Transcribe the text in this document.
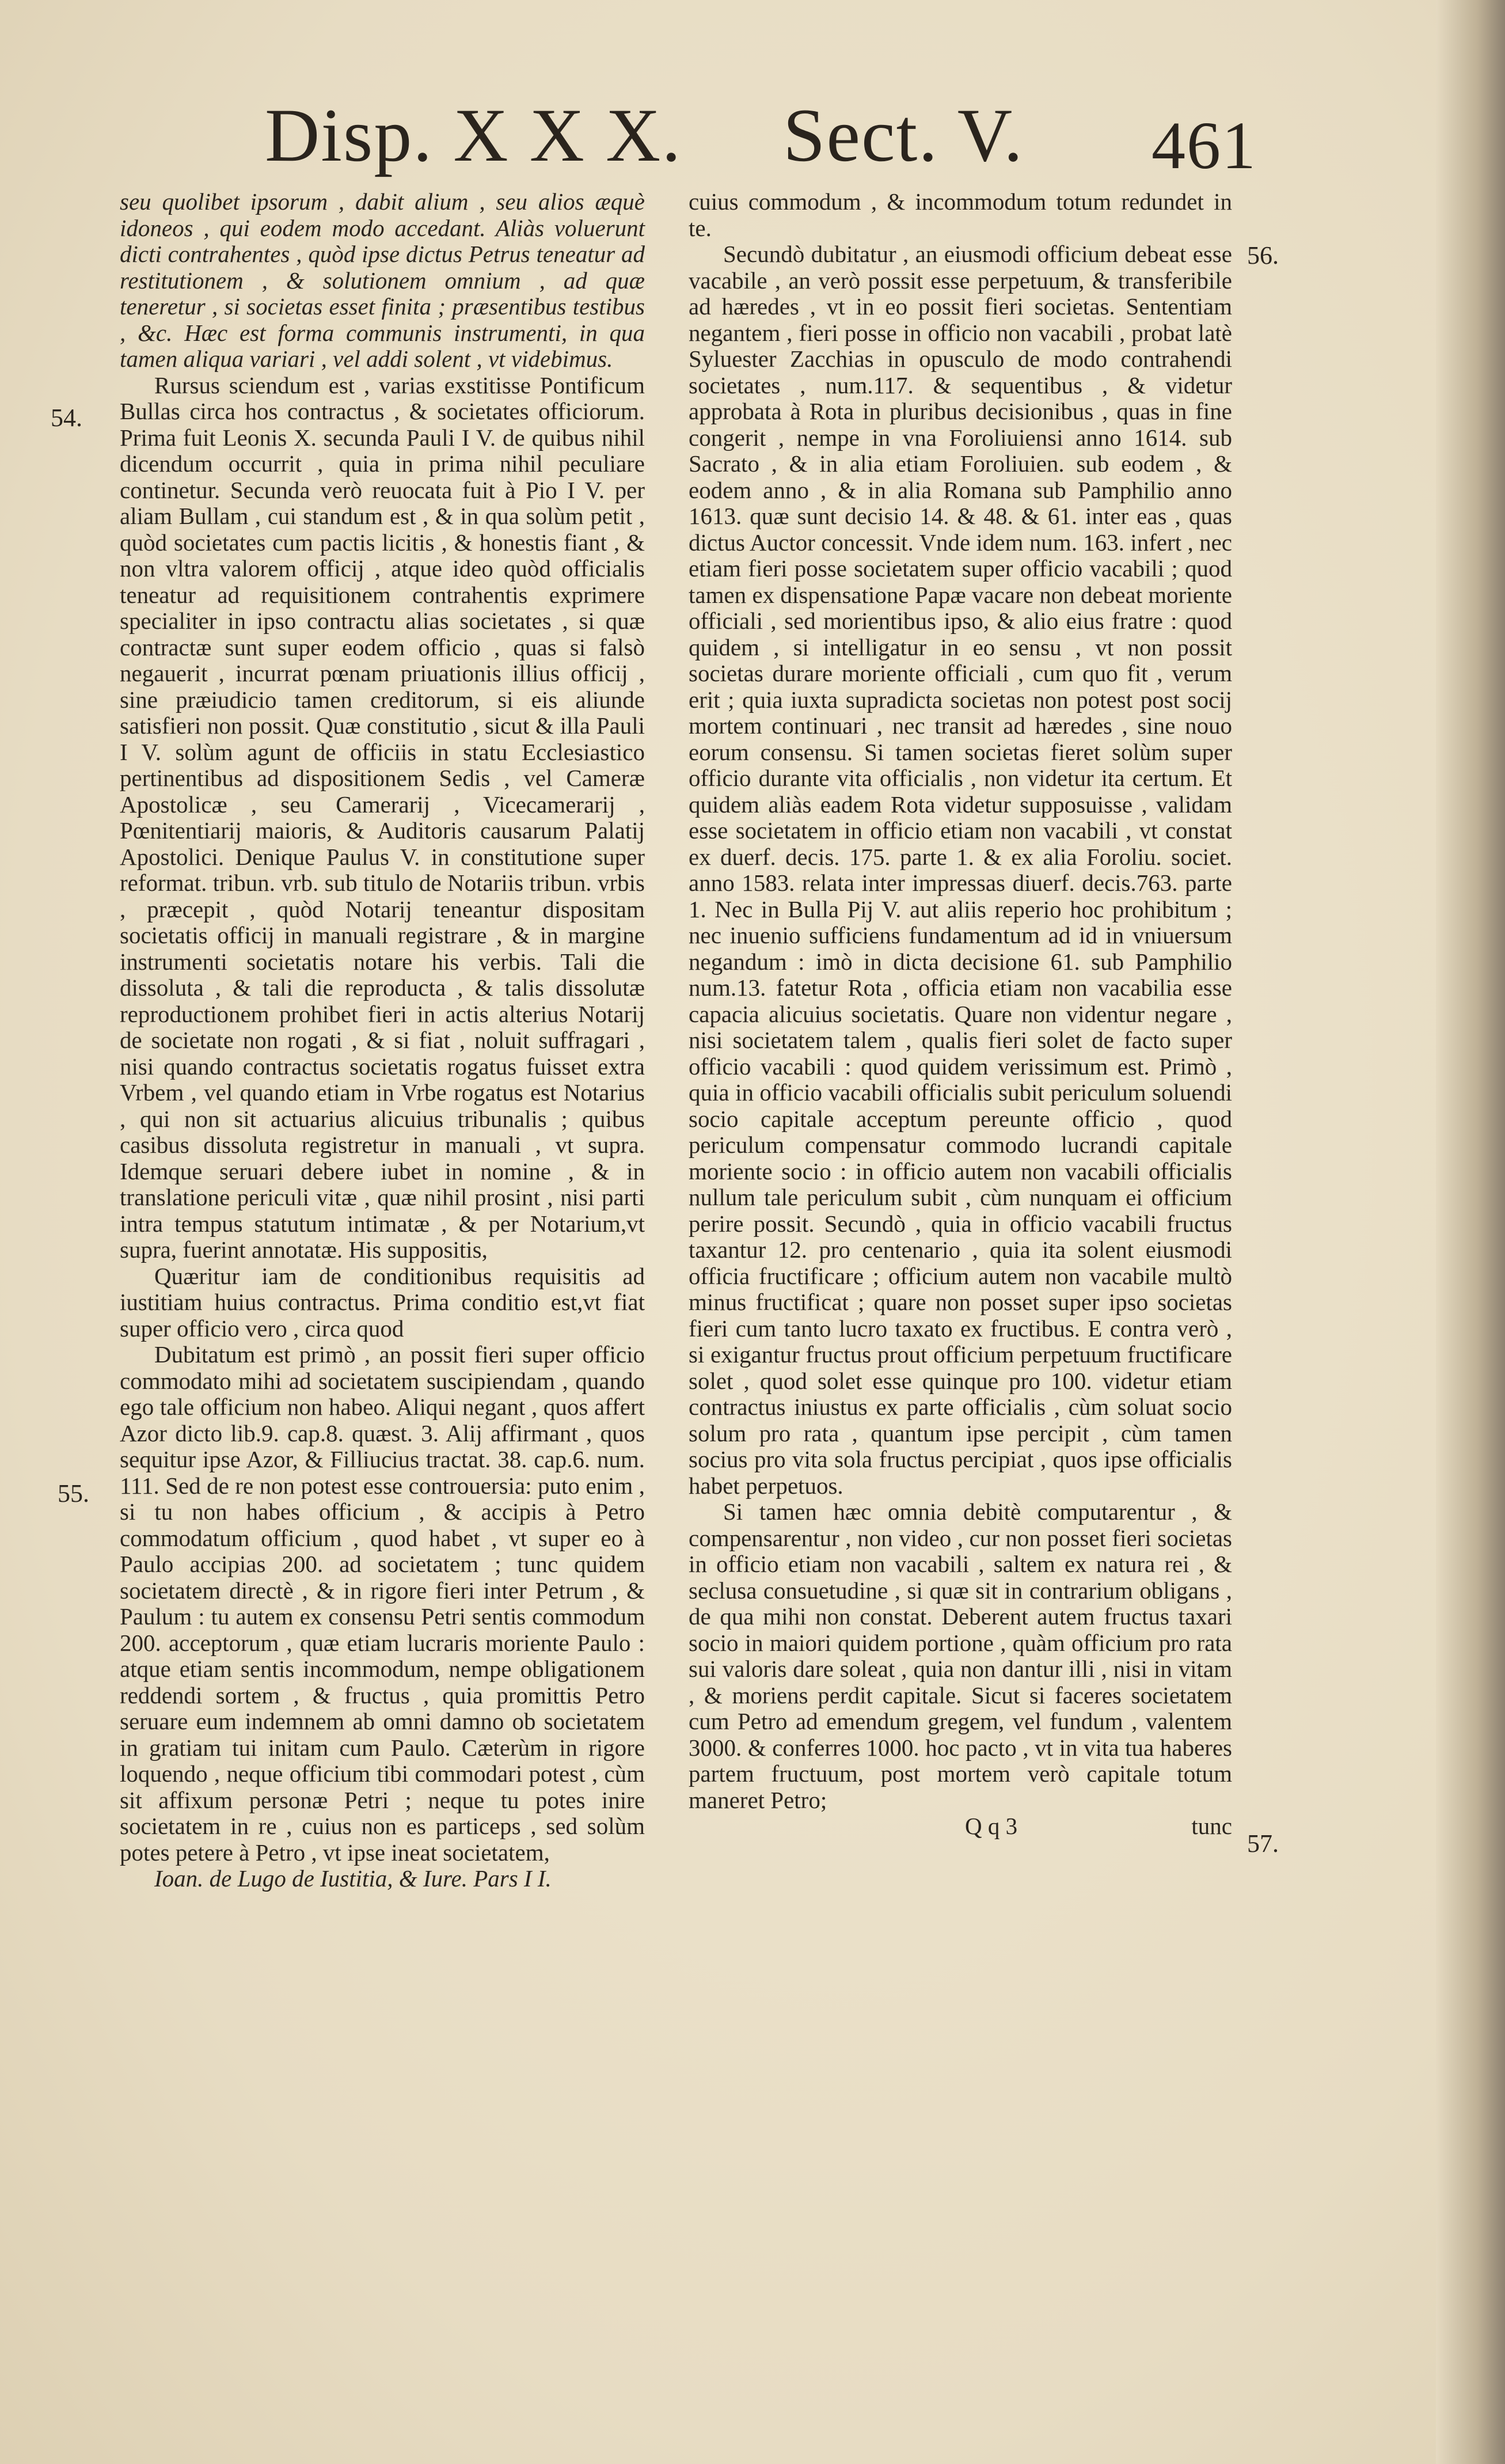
Disp. X X X. Sect. V. 461
54.
55.
56.
57.

seu quolibet ipsorum , dabit alium , seu alios æquè idoneos , qui eodem modo accedant. Aliàs voluerunt dicti contrahentes , quòd ipse dictus Petrus teneatur ad restitutionem , & solutionem omnium , ad quæ teneretur , si societas esset finita ; præsentibus testibus , &c. Hæc est forma communis instrumenti, in qua tamen aliqua variari , vel addi solent , vt videbimus.

Rursus sciendum est , varias exstitisse Pontificum Bullas circa hos contractus , & societates officiorum. Prima fuit Leonis X. secunda Pauli I V. de quibus nihil dicendum occurrit , quia in prima nihil peculiare continetur. Secunda verò reuocata fuit à Pio I V. per aliam Bullam , cui standum est , & in qua solùm petit , quòd societates cum pactis licitis , & honestis fiant , & non vltra valorem officij , atque ideo quòd officialis teneatur ad requisitionem contrahentis exprimere specialiter in ipso contractu alias societates , si quæ contractæ sunt super eodem officio , quas si falsò negauerit , incurrat pœnam priuationis illius officij , sine præiudicio tamen creditorum, si eis aliunde satisfieri non possit. Quæ constitutio , sicut & illa Pauli I V. solùm agunt de officiis in statu Ecclesiastico pertinentibus ad dispositionem Sedis , vel Cameræ Apostolicæ , seu Camerarij , Vicecamerarij , Pœnitentiarij maioris, & Auditoris causarum Palatij Apostolici. Denique Paulus V. in constitutione super reformat. tribun. vrb. sub titulo de Notariis tribun. vrbis , præcepit , quòd Notarij teneantur dispositam societatis officij in manuali registrare , & in margine instrumenti societatis notare his verbis. Tali die dissoluta , & tali die reproducta , & talis dissolutæ reproductionem prohibet fieri in actis alterius Notarij de societate non rogati , & si fiat , noluit suffragari , nisi quando contractus societatis rogatus fuisset extra Vrbem , vel quando etiam in Vrbe rogatus est Notarius , qui non sit actuarius alicuius tribunalis ; quibus casibus dissoluta registretur in manuali , vt supra. Idemque seruari debere iubet in nomine , & in translatione periculi vitæ , quæ nihil prosint , nisi parti intra tempus statutum intimatæ , & per Notarium,vt supra, fuerint annotatæ. His suppositis,

Quæritur iam de conditionibus requisitis ad iustitiam huius contractus. Prima conditio est,vt fiat super officio vero , circa quod

Dubitatum est primò , an possit fieri super officio commodato mihi ad societatem suscipiendam , quando ego tale officium non habeo. Aliqui negant , quos affert Azor dicto lib.9. cap.8. quæst. 3. Alij affirmant , quos sequitur ipse Azor, & Filliucius tractat. 38. cap.6. num. 111. Sed de re non potest esse controuersia: puto enim , si tu non habes officium , & accipis à Petro commodatum officium , quod habet , vt super eo à Paulo accipias 200. ad societatem ; tunc quidem societatem directè , & in rigore fieri inter Petrum , & Paulum : tu autem ex consensu Petri sentis commodum 200. acceptorum , quæ etiam lucraris moriente Paulo : atque etiam sentis incommodum, nempe obligationem reddendi sortem , & fructus , quia promittis Petro seruare eum indemnem ab omni damno ob societatem in gratiam tui initam cum Paulo. Cæterùm in rigore loquendo , neque officium tibi commodari potest , cùm sit affixum personæ Petri ; neque tu potes inire societatem in re , cuius non es particeps , sed solùm potes petere à Petro , vt ipse ineat societatem,

Ioan. de Lugo de Iustitia, & Iure. Pars I I.

cuius commodum , & incommodum totum redundet in te.

Secundò dubitatur , an eiusmodi officium debeat esse vacabile , an verò possit esse perpetuum, & transferibile ad hæredes , vt in eo possit fieri societas. Sententiam negantem , fieri posse in officio non vacabili , probat latè Syluester Zacchias in opusculo de modo contrahendi societates , num.117. & sequentibus , & videtur approbata à Rota in pluribus decisionibus , quas in fine congerit , nempe in vna Foroliuiensi anno 1614. sub Sacrato , & in alia etiam Foroliuien. sub eodem , & eodem anno , & in alia Romana sub Pamphilio anno 1613. quæ sunt decisio 14. & 48. & 61. inter eas , quas dictus Auctor concessit. Vnde idem num. 163. infert , nec etiam fieri posse societatem super officio vacabili ; quod tamen ex dispensatione Papæ vacare non debeat moriente officiali , sed morientibus ipso, & alio eius fratre : quod quidem , si intelligatur in eo sensu , vt non possit societas durare moriente officiali , cum quo fit , verum erit ; quia iuxta supradicta societas non potest post socij mortem continuari , nec transit ad hæredes , sine nouo eorum consensu. Si tamen societas fieret solùm super officio durante vita officialis , non videtur ita certum. Et quidem aliàs eadem Rota videtur supposuisse , validam esse societatem in officio etiam non vacabili , vt constat ex duerf. decis. 175. parte 1. & ex alia Foroliu. societ. anno 1583. relata inter impressas diuerf. decis.763. parte 1. Nec in Bulla Pij V. aut aliis reperio hoc prohibitum ; nec inuenio sufficiens fundamentum ad id in vniuersum negandum : imò in dicta decisione 61. sub Pamphilio num.13. fatetur Rota , officia etiam non vacabilia esse capacia alicuius societatis. Quare non videntur negare , nisi societatem talem , qualis fieri solet de facto super officio vacabili : quod quidem verissimum est. Primò , quia in officio vacabili officialis subit periculum soluendi socio capitale acceptum pereunte officio , quod periculum compensatur commodo lucrandi capitale moriente socio : in officio autem non vacabili officialis nullum tale periculum subit , cùm nunquam ei officium perire possit. Secundò , quia in officio vacabili fructus taxantur 12. pro centenario , quia ita solent eiusmodi officia fructificare ; officium autem non vacabile multò minus fructificat ; quare non posset super ipso societas fieri cum tanto lucro taxato ex fructibus. E contra verò , si exigantur fructus prout officium perpetuum fructificare solet , quod solet esse quinque pro 100. videtur etiam contractus iniustus ex parte officialis , cùm soluat socio solum pro rata , quantum ipse percipit , cùm tamen socius pro vita sola fructus percipiat , quos ipse officialis habet perpetuos.

Si tamen hæc omnia debitè computarentur , & compensarentur , non video , cur non posset fieri societas in officio etiam non vacabili , saltem ex natura rei , & seclusa consuetudine , si quæ sit in contrarium obligans , de qua mihi non constat. Deberent autem fructus taxari socio in maiori quidem portione , quàm officium pro rata sui valoris dare soleat , quia non dantur illi , nisi in vitam , & moriens perdit capitale. Sicut si faceres societatem cum Petro ad emendum gregem, vel fundum , valentem 3000. & conferres 1000. hoc pacto , vt in vita tua haberes partem fructuum, post mortem verò capitale totum maneret Petro;

Q q 3	tunc
